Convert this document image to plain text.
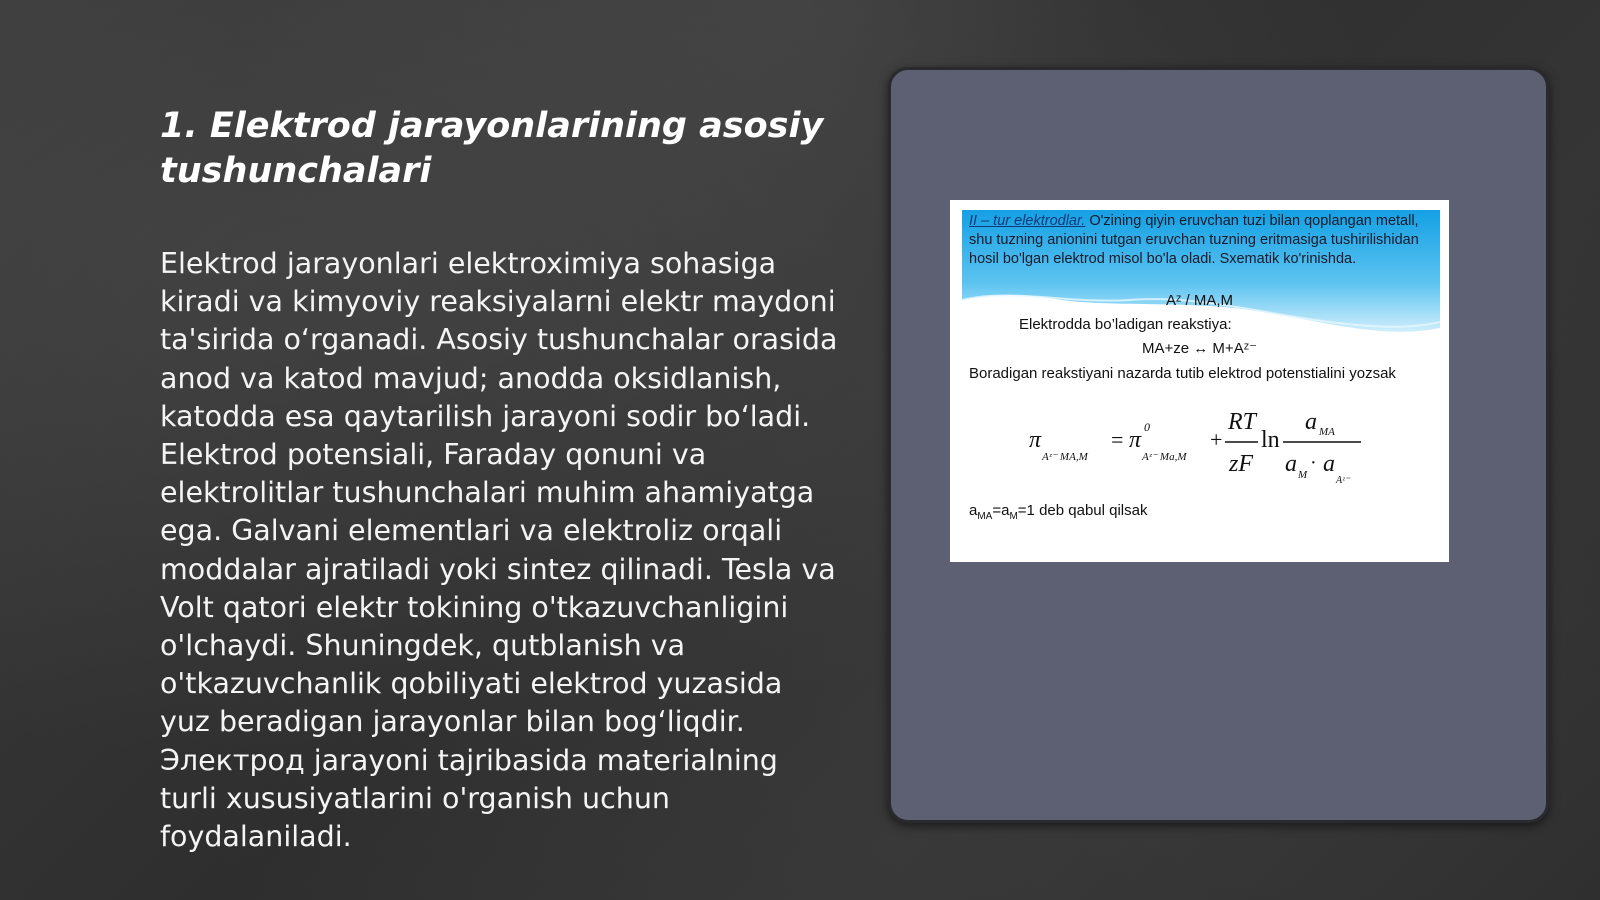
1. Elektrod jarayonlarining asosiy tushunchalari

Elektrod jarayonlari elektroximiya sohasiga kiradi va kimyoviy reaksiyalarni elektr maydoni ta'sirida oʻrganadi. Asosiy tushunchalar orasida anod va katod mavjud; anodda oksidlanish, katodda esa qaytarilish jarayoni sodir boʻladi. Elektrod potensiali, Faraday qonuni va elektrolitlar tushunchalari muhim ahamiyatga ega. Galvani elementlari va elektroliz orqali moddalar ajratiladi yoki sintez qilinadi. Tesla va Volt qatori elektr tokining o'tkazuvchanligini o'lchaydi. Shuningdek, qutblanish va o'tkazuvchanlik qobiliyati elektrod yuzasida yuz beradigan jarayonlar bilan bogʻliqdir. Электрод jarayoni tajribasida materialning turli xususiyatlarini o'rganish uchun foydalaniladi.

II – tur elektrodlar. O'zining qiyin eruvchan tuzi bilan qoplangan metall, shu tuzning anionini tutgan eruvchan tuzning eritmasiga tushirilishidan hosil bo'lgan elektrod misol bo'la oladi. Sxematik ko'rinishda.

Aᶻ / MA,M
Elektrodda bo’ladigan reakstiya:
MA+ze ↔ M+Aᶻ⁻
Boradigan reakstiyani nazarda tutib elektrod potenstialini yozsak
π
Aᶻ⁻ MA,M
= π 0
Aᶻ⁻ Ma,M
+
RT
zF
ln
a MA
a M
· a
Aᶻ⁻
$a_{MA}=a_M=1$ deb qabul qilsak
